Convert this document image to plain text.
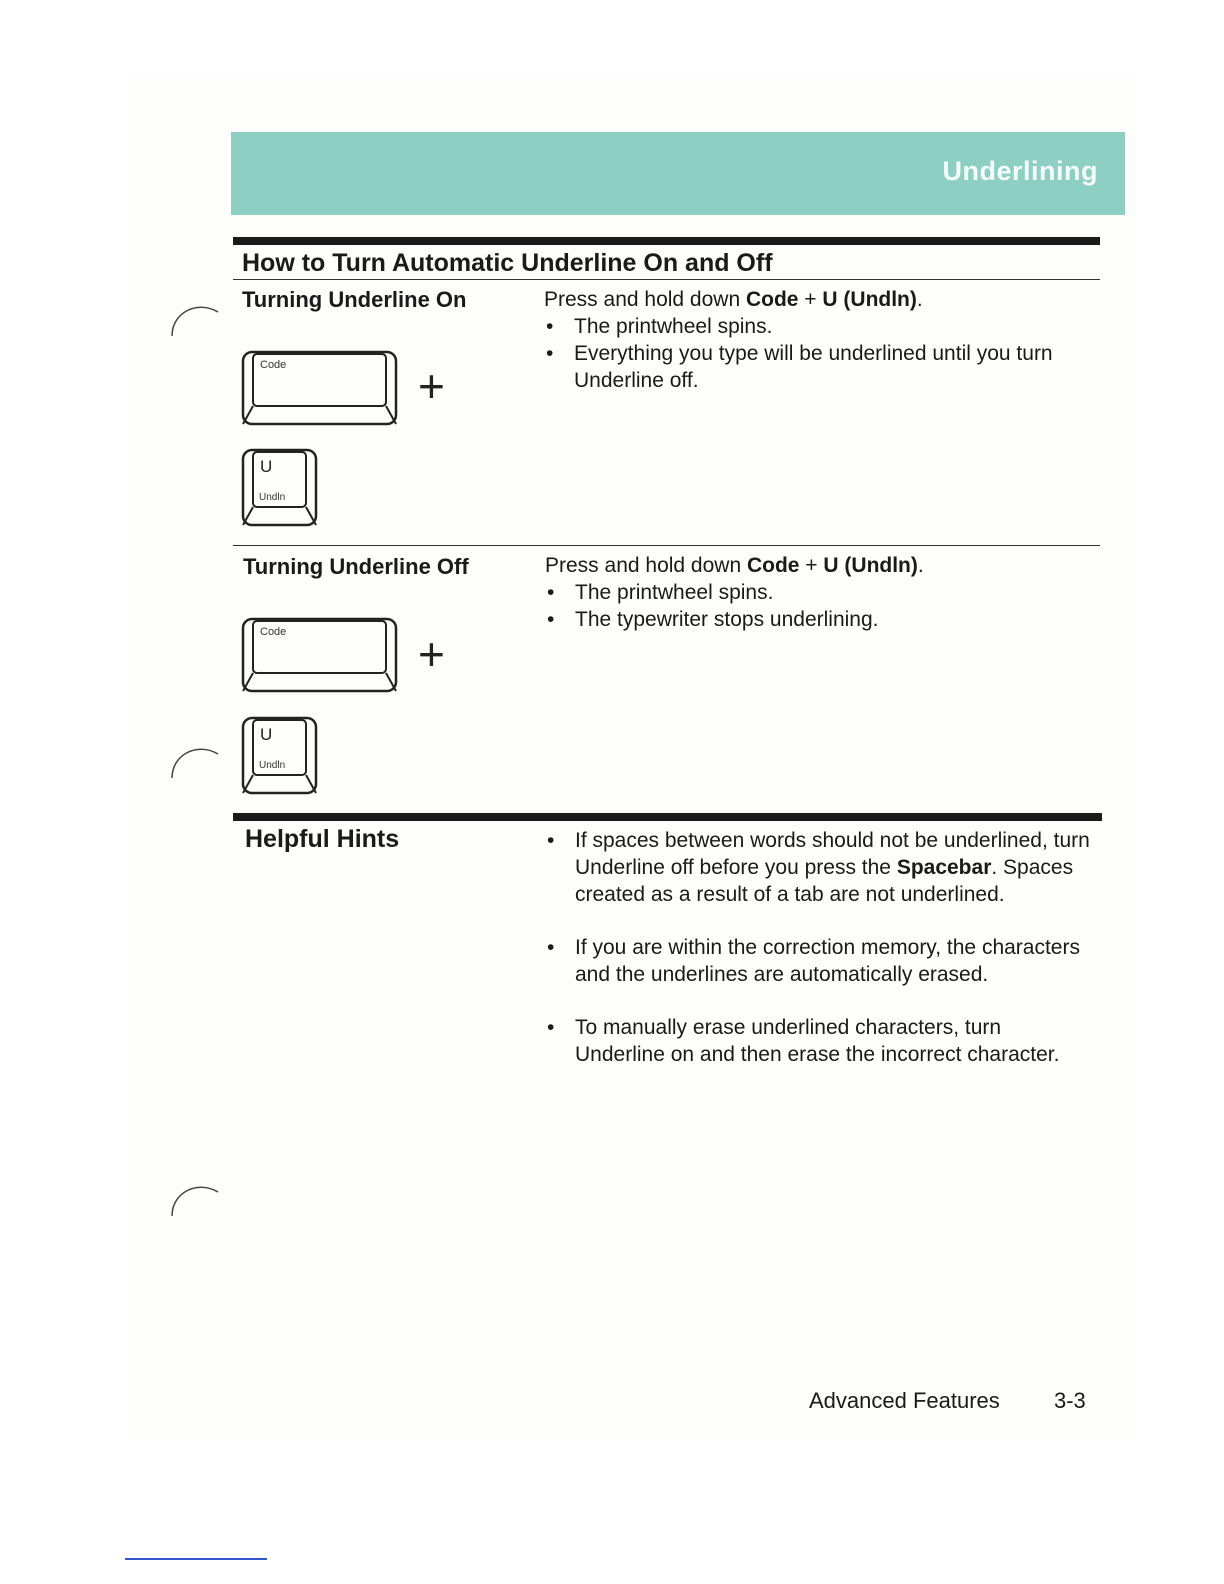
Underlining
How to Turn Automatic Underline On and Off
Turning Underline On
Code	+
U
Undln
Press and hold down Code + U (Undln).
• The printwheel spins.
• Everything you type will be underlined until you turn Underline off.
Turning Underline Off
Code	+
U
Undln
Press and hold down Code + U (Undln).
• The printwheel spins.
• The typewriter stops underlining.
Helpful Hints
•	If spaces between words should not be underlined, turn Underline off before you press the Spacebar. Spaces created as a result of a tab are not underlined.
• If you are within the correction memory, the characters and the underlines are automatically erased.
• To manually erase underlined characters, turn Underline on and then erase the incorrect character.
Advanced Features 3-3
